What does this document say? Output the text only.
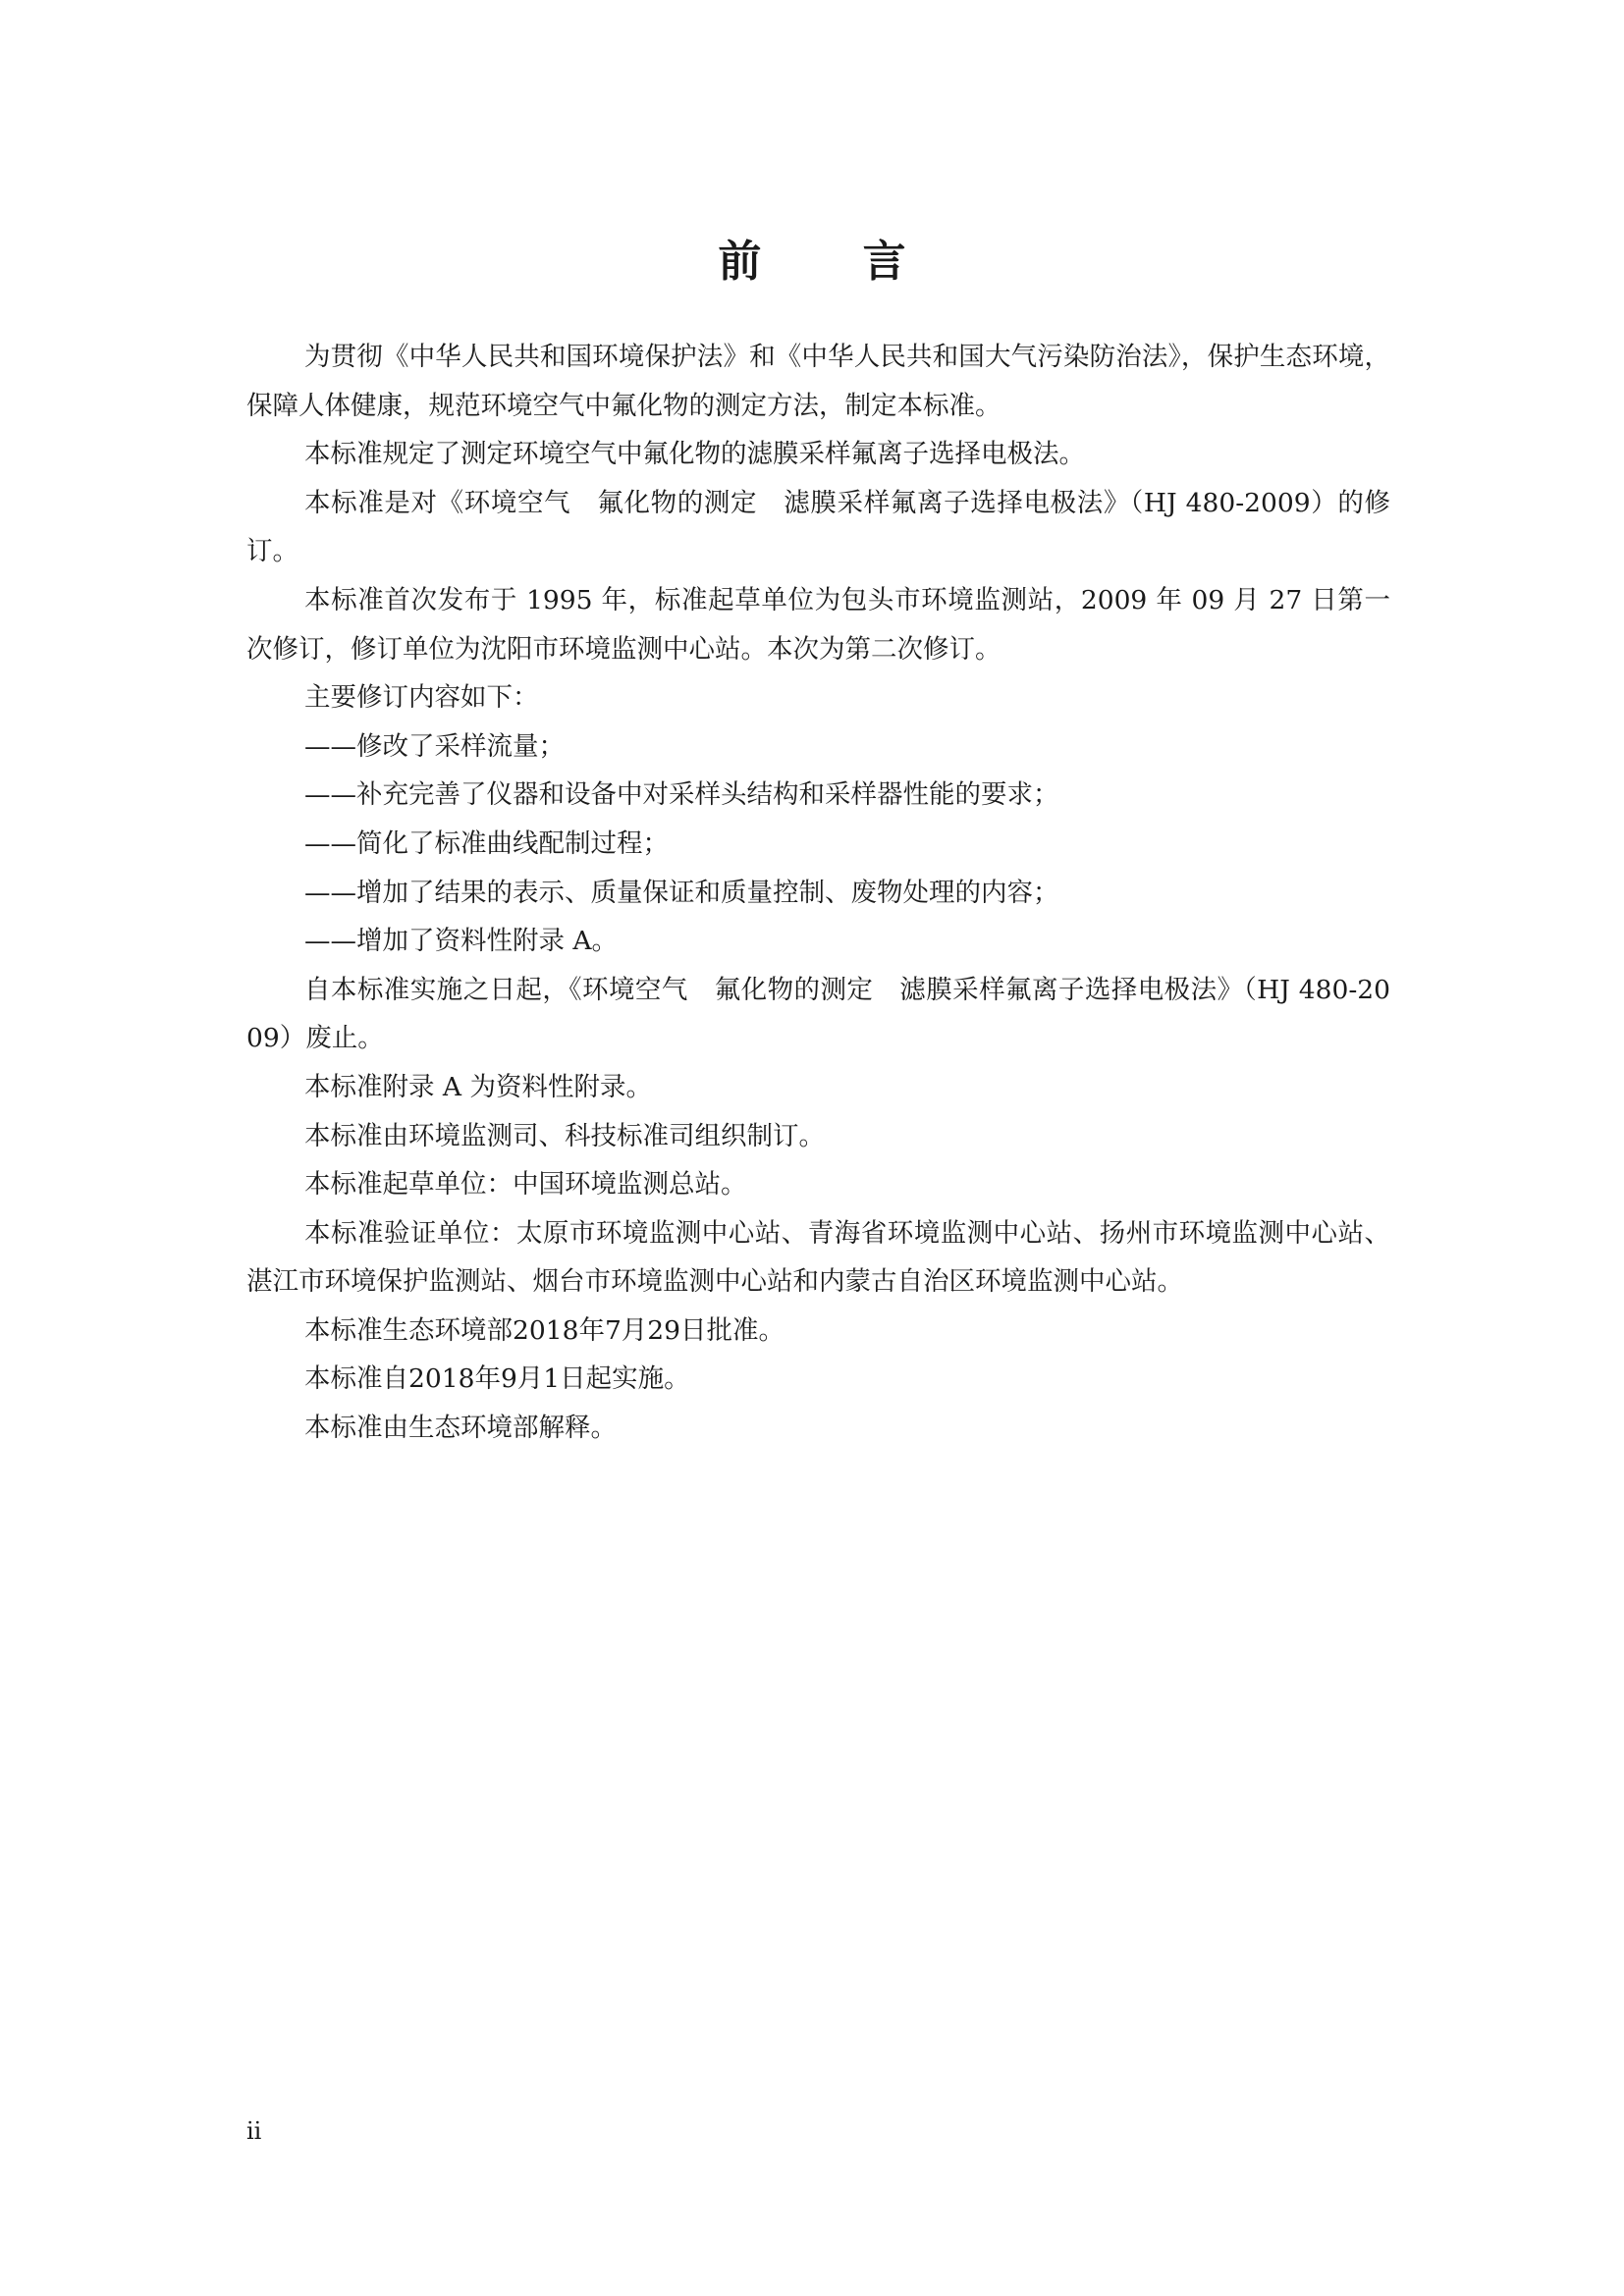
前 言

为贯彻《中华人民共和国环境保护法》和《中华人民共和国大气污染防治法》，保护生态环境，保障人体健康，规范环境空气中氟化物的测定方法，制定本标准。

本标准规定了测定环境空气中氟化物的滤膜采样氟离子选择电极法。

本标准是对《环境空气　氟化物的测定　滤膜采样氟离子选择电极法》（HJ 480-2009）的修订。

本标准首次发布于 1995 年，标准起草单位为包头市环境监测站，2009 年 09 月 27 日第一次修订，修订单位为沈阳市环境监测中心站。本次为第二次修订。

主要修订内容如下：

——修改了采样流量；

——补充完善了仪器和设备中对采样头结构和采样器性能的要求；

——简化了标准曲线配制过程；

——增加了结果的表示、质量保证和质量控制、废物处理的内容；

——增加了资料性附录 A。

自本标准实施之日起，《环境空气　氟化物的测定　滤膜采样氟离子选择电极法》（HJ 480-2009）废止。

本标准附录 A 为资料性附录。

本标准由环境监测司、科技标准司组织制订。

本标准起草单位：中国环境监测总站。

本标准验证单位：太原市环境监测中心站、青海省环境监测中心站、扬州市环境监测中心站、湛江市环境保护监测站、烟台市环境监测中心站和内蒙古自治区环境监测中心站。

本标准生态环境部2018年7月29日批准。

本标准自2018年9月1日起实施。

本标准由生态环境部解释。

ii
